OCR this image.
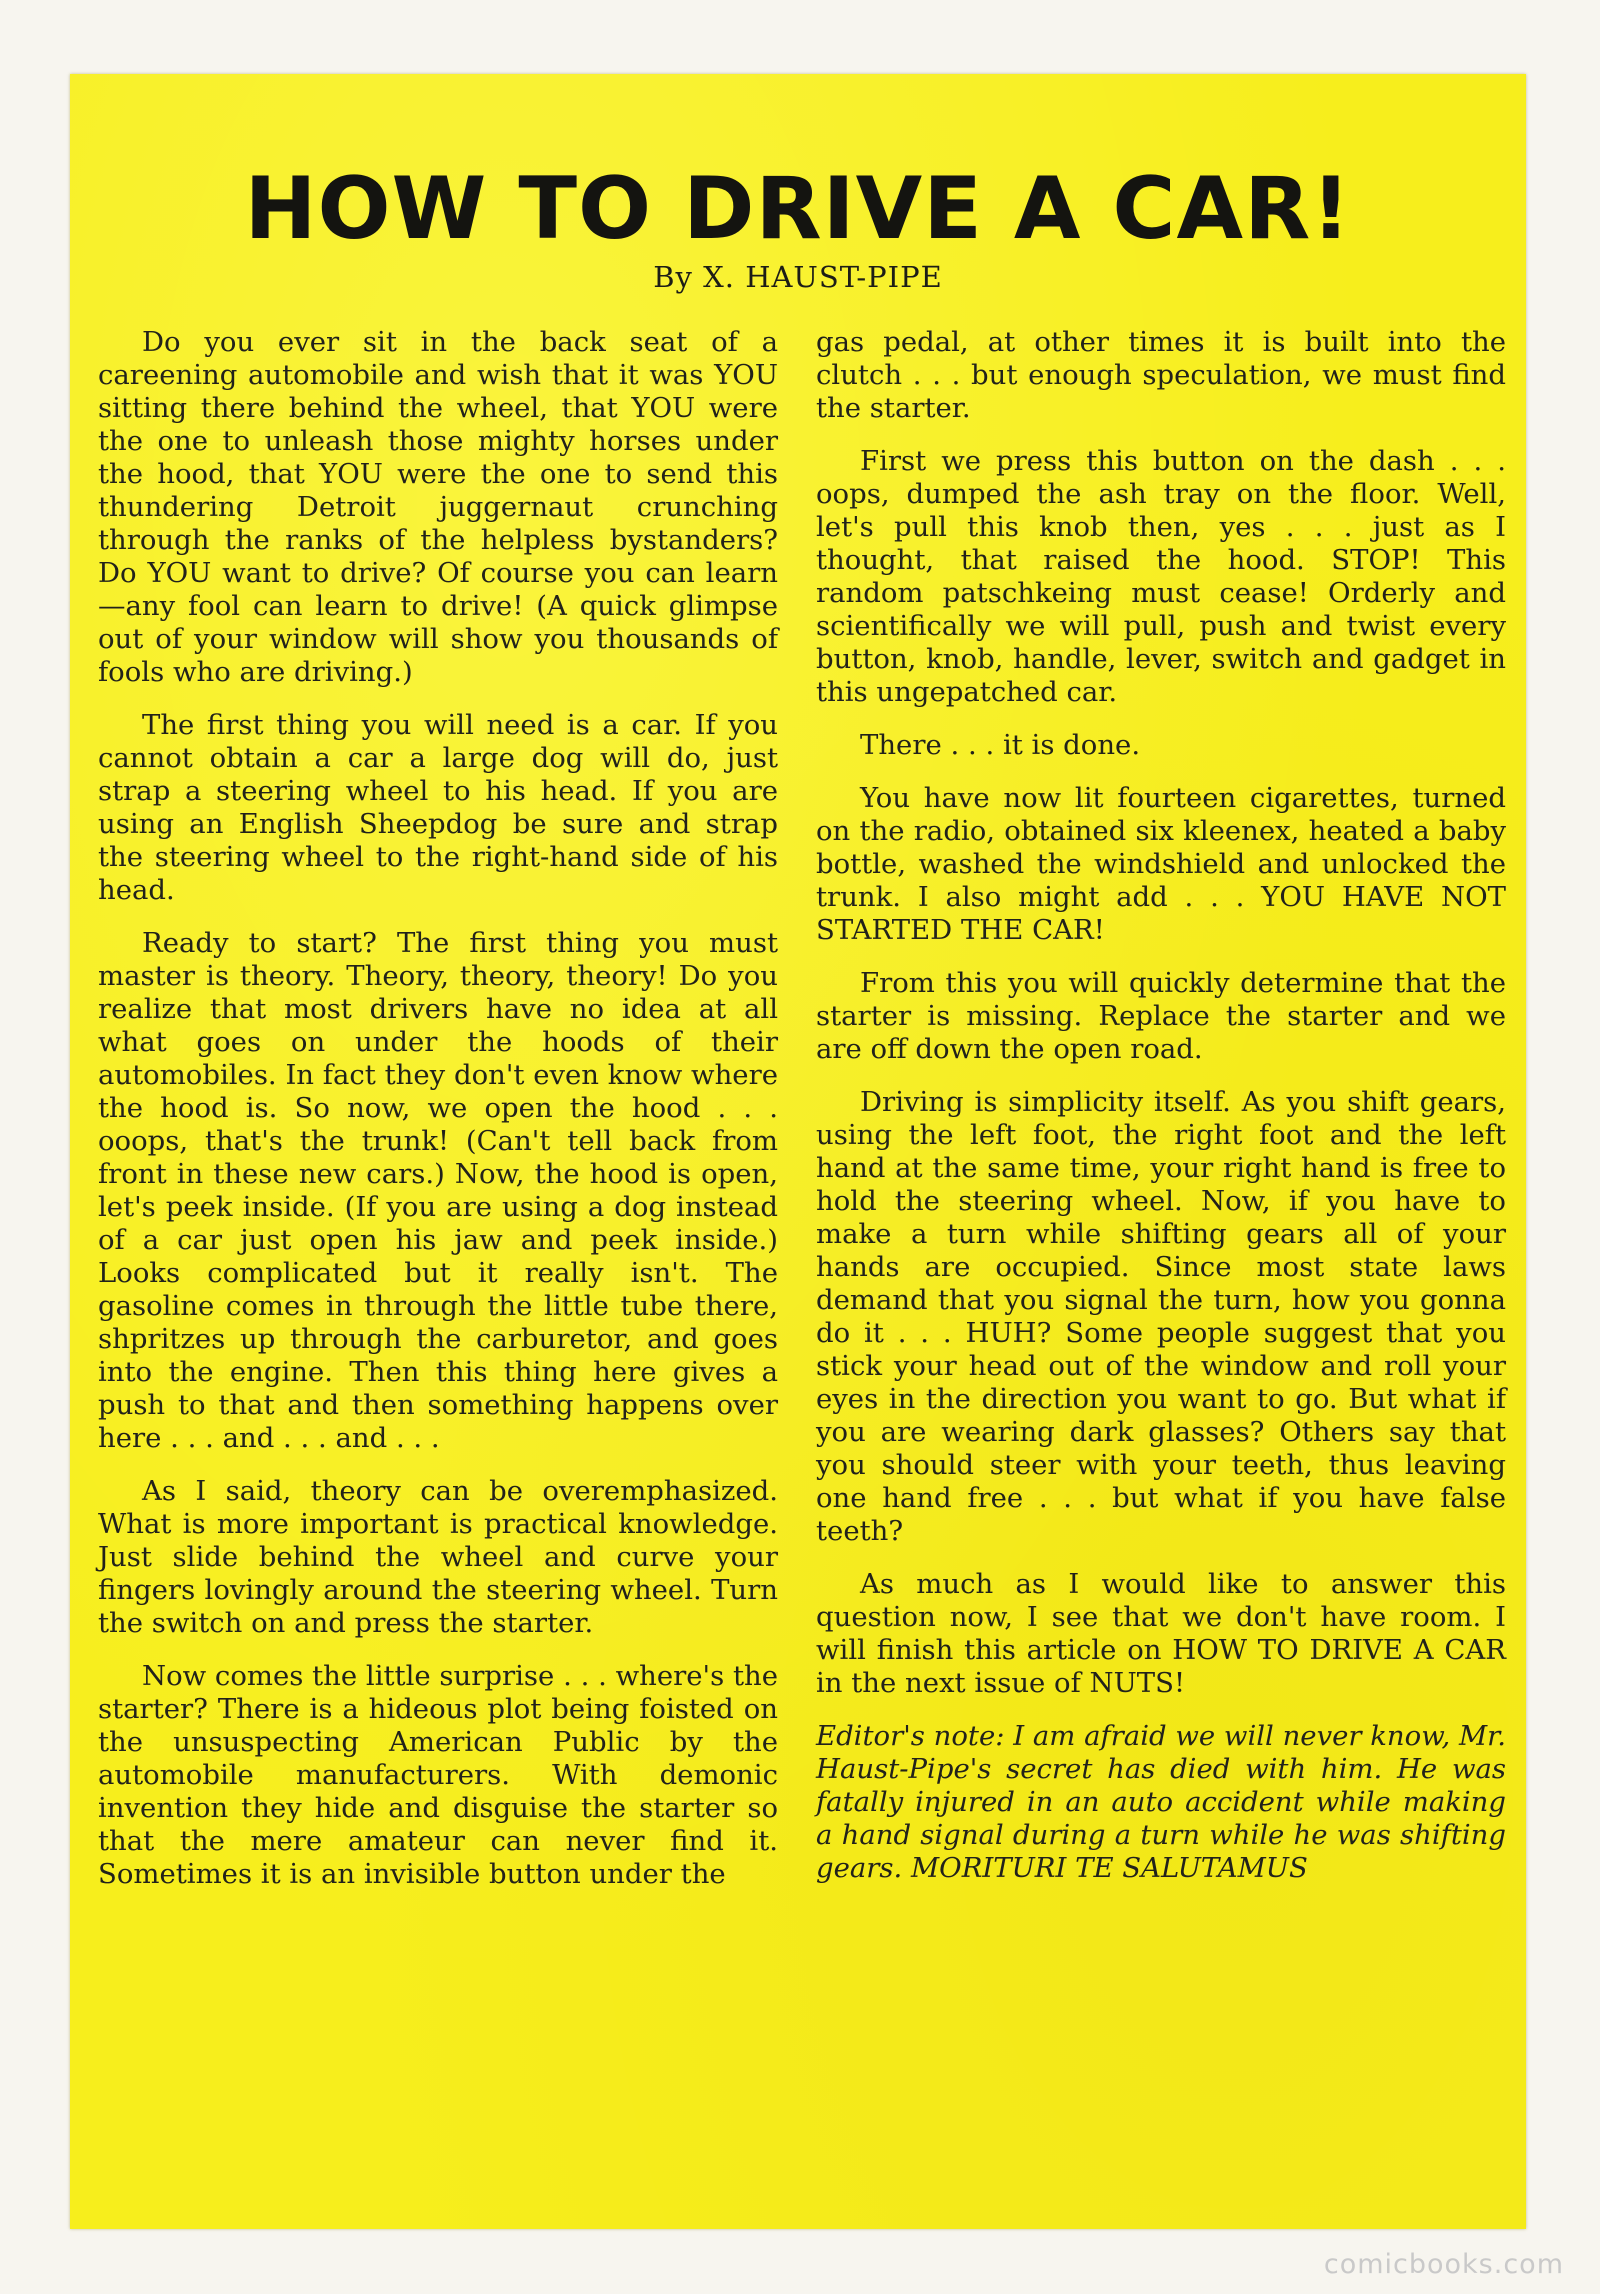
HOW TO DRIVE A CAR!
By X. HAUST-PIPE

Do you ever sit in the back seat of a careening automobile and wish that it was YOU sitting there behind the wheel, that YOU were the one to unleash those mighty horses under the hood, that YOU were the one to send this thundering Detroit juggernaut crunching through the ranks of the helpless bystanders? Do YOU want to drive? Of course you can learn—any fool can learn to drive! (A quick glimpse out of your window will show you thousands of fools who are driving.)

The first thing you will need is a car. If you cannot obtain a car a large dog will do, just strap a steering wheel to his head. If you are using an English Sheepdog be sure and strap the steering wheel to the right-hand side of his head.

Ready to start? The first thing you must master is theory. Theory, theory, theory! Do you realize that most drivers have no idea at all what goes on under the hoods of their automobiles. In fact they don't even know where the hood is. So now, we open the hood . . . ooops, that's the trunk! (Can't tell back from front in these new cars.) Now, the hood is open, let's peek inside. (If you are using a dog instead of a car just open his jaw and peek inside.) Looks complicated but it really isn't. The gasoline comes in through the little tube there, shpritzes up through the carburetor, and goes into the engine. Then this thing here gives a push to that and then something happens over here . . . and . . . and . . .

As I said, theory can be overemphasized. What is more important is practical knowledge. Just slide behind the wheel and curve your fingers lovingly around the steering wheel. Turn the switch on and press the starter.

Now comes the little surprise . . . where's the starter? There is a hideous plot being foisted on the unsuspecting American Public by the automobile manufacturers. With demonic invention they hide and disguise the starter so that the mere amateur can never find it. Sometimes it is an invisible button under the

gas pedal, at other times it is built into the clutch . . . but enough speculation, we must find the starter.

First we press this button on the dash . . . oops, dumped the ash tray on the floor. Well, let's pull this knob then, yes . . . just as I thought, that raised the hood. STOP! This random patschkeing must cease! Orderly and scientifically we will pull, push and twist every button, knob, handle, lever, switch and gadget in this ungepatched car.

There . . . it is done.

You have now lit fourteen cigarettes, turned on the radio, obtained six kleenex, heated a baby bottle, washed the windshield and unlocked the trunk. I also might add . . . YOU HAVE NOT STARTED THE CAR!

From this you will quickly determine that the starter is missing. Replace the starter and we are off down the open road.

Driving is simplicity itself. As you shift gears, using the left foot, the right foot and the left hand at the same time, your right hand is free to hold the steering wheel. Now, if you have to make a turn while shifting gears all of your hands are occupied. Since most state laws demand that you signal the turn, how you gonna do it . . . HUH? Some people suggest that you stick your head out of the window and roll your eyes in the direction you want to go. But what if you are wearing dark glasses? Others say that you should steer with your teeth, thus leaving one hand free . . . but what if you have false teeth?

As much as I would like to answer this question now, I see that we don't have room. I will finish this article on HOW TO DRIVE A CAR in the next issue of NUTS!

Editor's note: I am afraid we will never know, Mr. Haust-Pipe's secret has died with him. He was fatally injured in an auto accident while making a hand signal during a turn while he was shifting gears. MORITURI TE SALUTAMUS

comicbooks.com
